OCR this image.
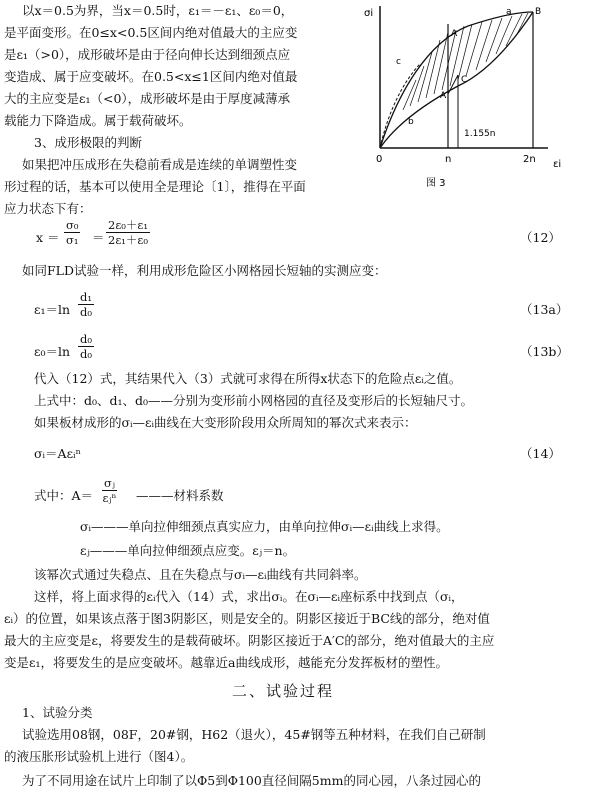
σi
εi
0	n	2n
A
B
C
A′
a
b
c
1.155n
图 3
以x＝0.5为界，当x＝0.5时，ε₁＝－ε₁、ε₀＝0，
是平面变形。在0≤x<0.5区间内绝对值最大的主应变
是ε₁（>0），成形破坏是由于径向伸长达到细颈点应
变造成、属于应变破坏。在0.5<x≤1区间内绝对值最
大的主应变是ε₁（<0），成形破坏是由于厚度减薄承
载能力下降造成。属于载荷破坏。
3、成形极限的判断
如果把冲压成形在失稳前看成是连续的单调塑性变
形过程的话，基本可以使用全是理论〔1〕，推得在平面
应力状态下有：
$x = \frac{\text{σ₀}}{\text{σ₁}} = \frac{\text{2ε₀＋ε₁}}{\text{2ε₁＋ε₀}}$	（12）
如同FLD试验一样，利用成形危险区小网格园长短轴的实测应变：
$\varepsilon_1=\ln \frac{\text{d₁}}{\text{d₀}}$	（13a）
$\varepsilon_0=\ln \frac{\text{d₀}}{\text{d₀}}$	（13b）
代入（12）式，其结果代入（3）式就可求得在所得x状态下的危险点εᵢ之值。
上式中：d₀、d₁、d₀——分别为变形前小网格园的直径及变形后的长短轴尺寸。
如果板材成形的σᵢ—εᵢ曲线在大变形阶段用众所周知的幂次式来表示：
σᵢ＝Aεᵢⁿ	（14）
式中：A＝
σⱼ
εⱼⁿ ———材料系数
σᵢ———单向拉伸细颈点真实应力，由单向拉伸σᵢ—εᵢ曲线上求得。
εⱼ———单向拉伸细颈点应变。εⱼ＝n。
该幂次式通过失稳点、且在失稳点与σᵢ—εᵢ曲线有共同斜率。
这样，将上面求得的εᵢ代入（14）式，求出σᵢ。在σᵢ—εᵢ座标系中找到点（σᵢ，
εᵢ）的位置，如果该点落于图3阴影区，则是安全的。阴影区接近于BC线的部分，绝对值
最大的主应变是ε，将要发生的是载荷破坏。阴影区接近于A′C的部分，绝对值最大的主应
变是ε₁，将要发生的是应变破坏。越靠近a曲线成形，越能充分发挥板材的塑性。
二、试验过程
1、试验分类
试验选用08钢，08F，20#钢，H62（退火），45#钢等五种材料，在我们自己研制
的液压胀形试验机上进行（图4）。
为了不同用途在试片上印制了以Φ5到Φ100直径间隔5mm的同心园，八条过园心的
